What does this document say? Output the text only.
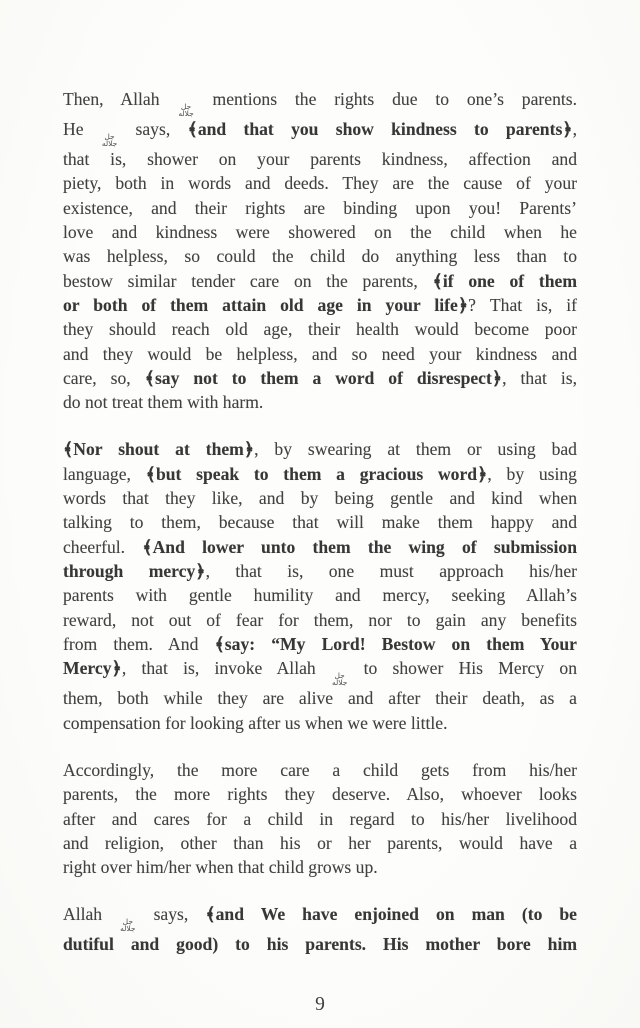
Then, Allah جل
جلاله
mentions the rights due to one’s parents.
He جل
جلاله
says, ﴾and that you show kindness to parents﴿,
that is, shower on your parents kindness, affection and
piety, both in words and deeds. They are the cause of your
existence, and their rights are binding upon you! Parents’
love and kindness were showered on the child when he
was helpless, so could the child do anything less than to
bestow similar tender care on the parents, ﴾if one of them
or both of them attain old age in your life﴿? That is, if
they should reach old age, their health would become poor
and they would be helpless, and so need your kindness and
care, so, ﴾say not to them a word of disrespect﴿, that is,
do not treat them with harm.
﴾Nor shout at them﴿, by swearing at them or using bad
language, ﴾but speak to them a gracious word﴿, by using
words that they like, and by being gentle and kind when
talking to them, because that will make them happy and
cheerful. ﴾And lower unto them the wing of submission
through mercy﴿, that is, one must approach his/her
parents with gentle humility and mercy, seeking Allah’s
reward, not out of fear for them, nor to gain any benefits
from them. And ﴾say: “My Lord! Bestow on them Your
Mercy﴿, that is, invoke Allah جل
جلاله
to shower His Mercy on
them, both while they are alive and after their death, as a
compensation for looking after us when we were little.
Accordingly, the more care a child gets from his/her
parents, the more rights they deserve. Also, whoever looks
after and cares for a child in regard to his/her livelihood
and religion, other than his or her parents, would have a
right over him/her when that child grows up.
Allah جل
جلاله
says, ﴾and We have enjoined on man (to be
dutiful and good) to his parents. His mother bore him
9
